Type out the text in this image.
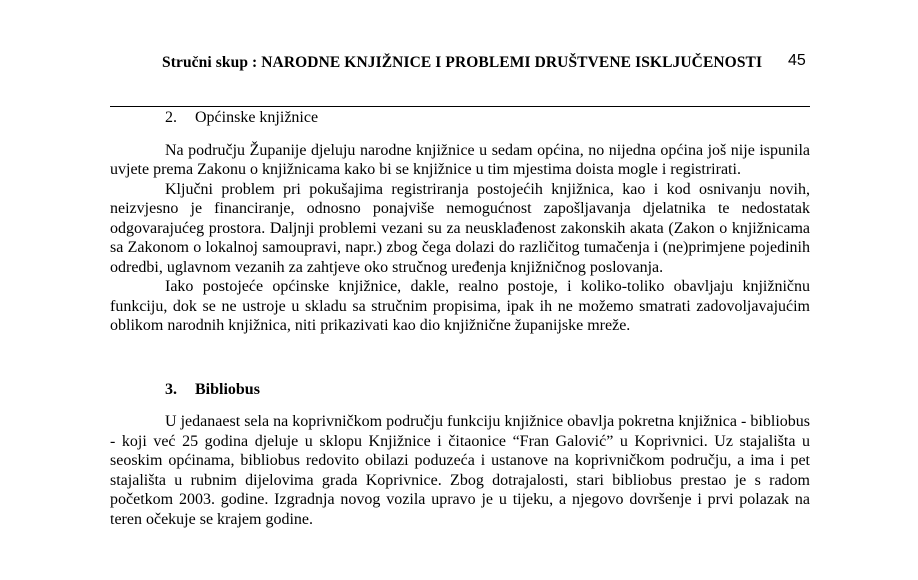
Stručni skup : NARODNE KNJIŽNICE I PROBLEMI DRUŠTVENE ISKLJUČENOSTI 45
2.	Općinske knjižnice

Na području Županije djeluju narodne knjižnice u sedam općina, no nijedna općina još nije ispunila uvjete prema Zakonu o knjižnicama kako bi se knjižnice u tim mjestima doista mogle i registrirati.

Ključni problem pri pokušajima registriranja postojećih knjižnica, kao i kod osnivanju novih, neizvjesno je financiranje, odnosno ponajviše nemogućnost zapošljavanja djelatnika te nedostatak odgovarajućeg prostora. Daljnji problemi vezani su za neusklađenost zakonskih akata (Zakon o knjižnicama sa Zakonom o lokalnoj samoupravi, napr.) zbog čega dolazi do različitog tumačenja i (ne)primjene pojedinih odredbi, uglavnom vezanih za zahtjeve oko stručnog uređenja knjižničnog poslovanja.

Iako postojeće općinske knjižnice, dakle, realno postoje, i koliko-toliko obavljaju knjižničnu funkciju, dok se ne ustroje u skladu sa stručnim propisima, ipak ih ne možemo smatrati zadovoljavajućim oblikom narodnih knjižnica, niti prikazivati kao dio knjižnične županijske mreže.

3.	Bibliobus

U jedanaest sela na koprivničkom području funkciju knjižnice obavlja pokretna knjižnica - bibliobus - koji već 25 godina djeluje u sklopu Knjižnice i čitaonice “Fran Galović” u Koprivnici. Uz stajališta u seoskim općinama, bibliobus redovito obilazi poduzeća i ustanove na koprivničkom području, a ima i pet stajališta u rubnim dijelovima grada Koprivnice. Zbog dotrajalosti, stari bibliobus prestao je s radom početkom 2003. godine. Izgradnja novog vozila upravo je u tijeku, a njegovo dovršenje i prvi polazak na teren očekuje se krajem godine.
